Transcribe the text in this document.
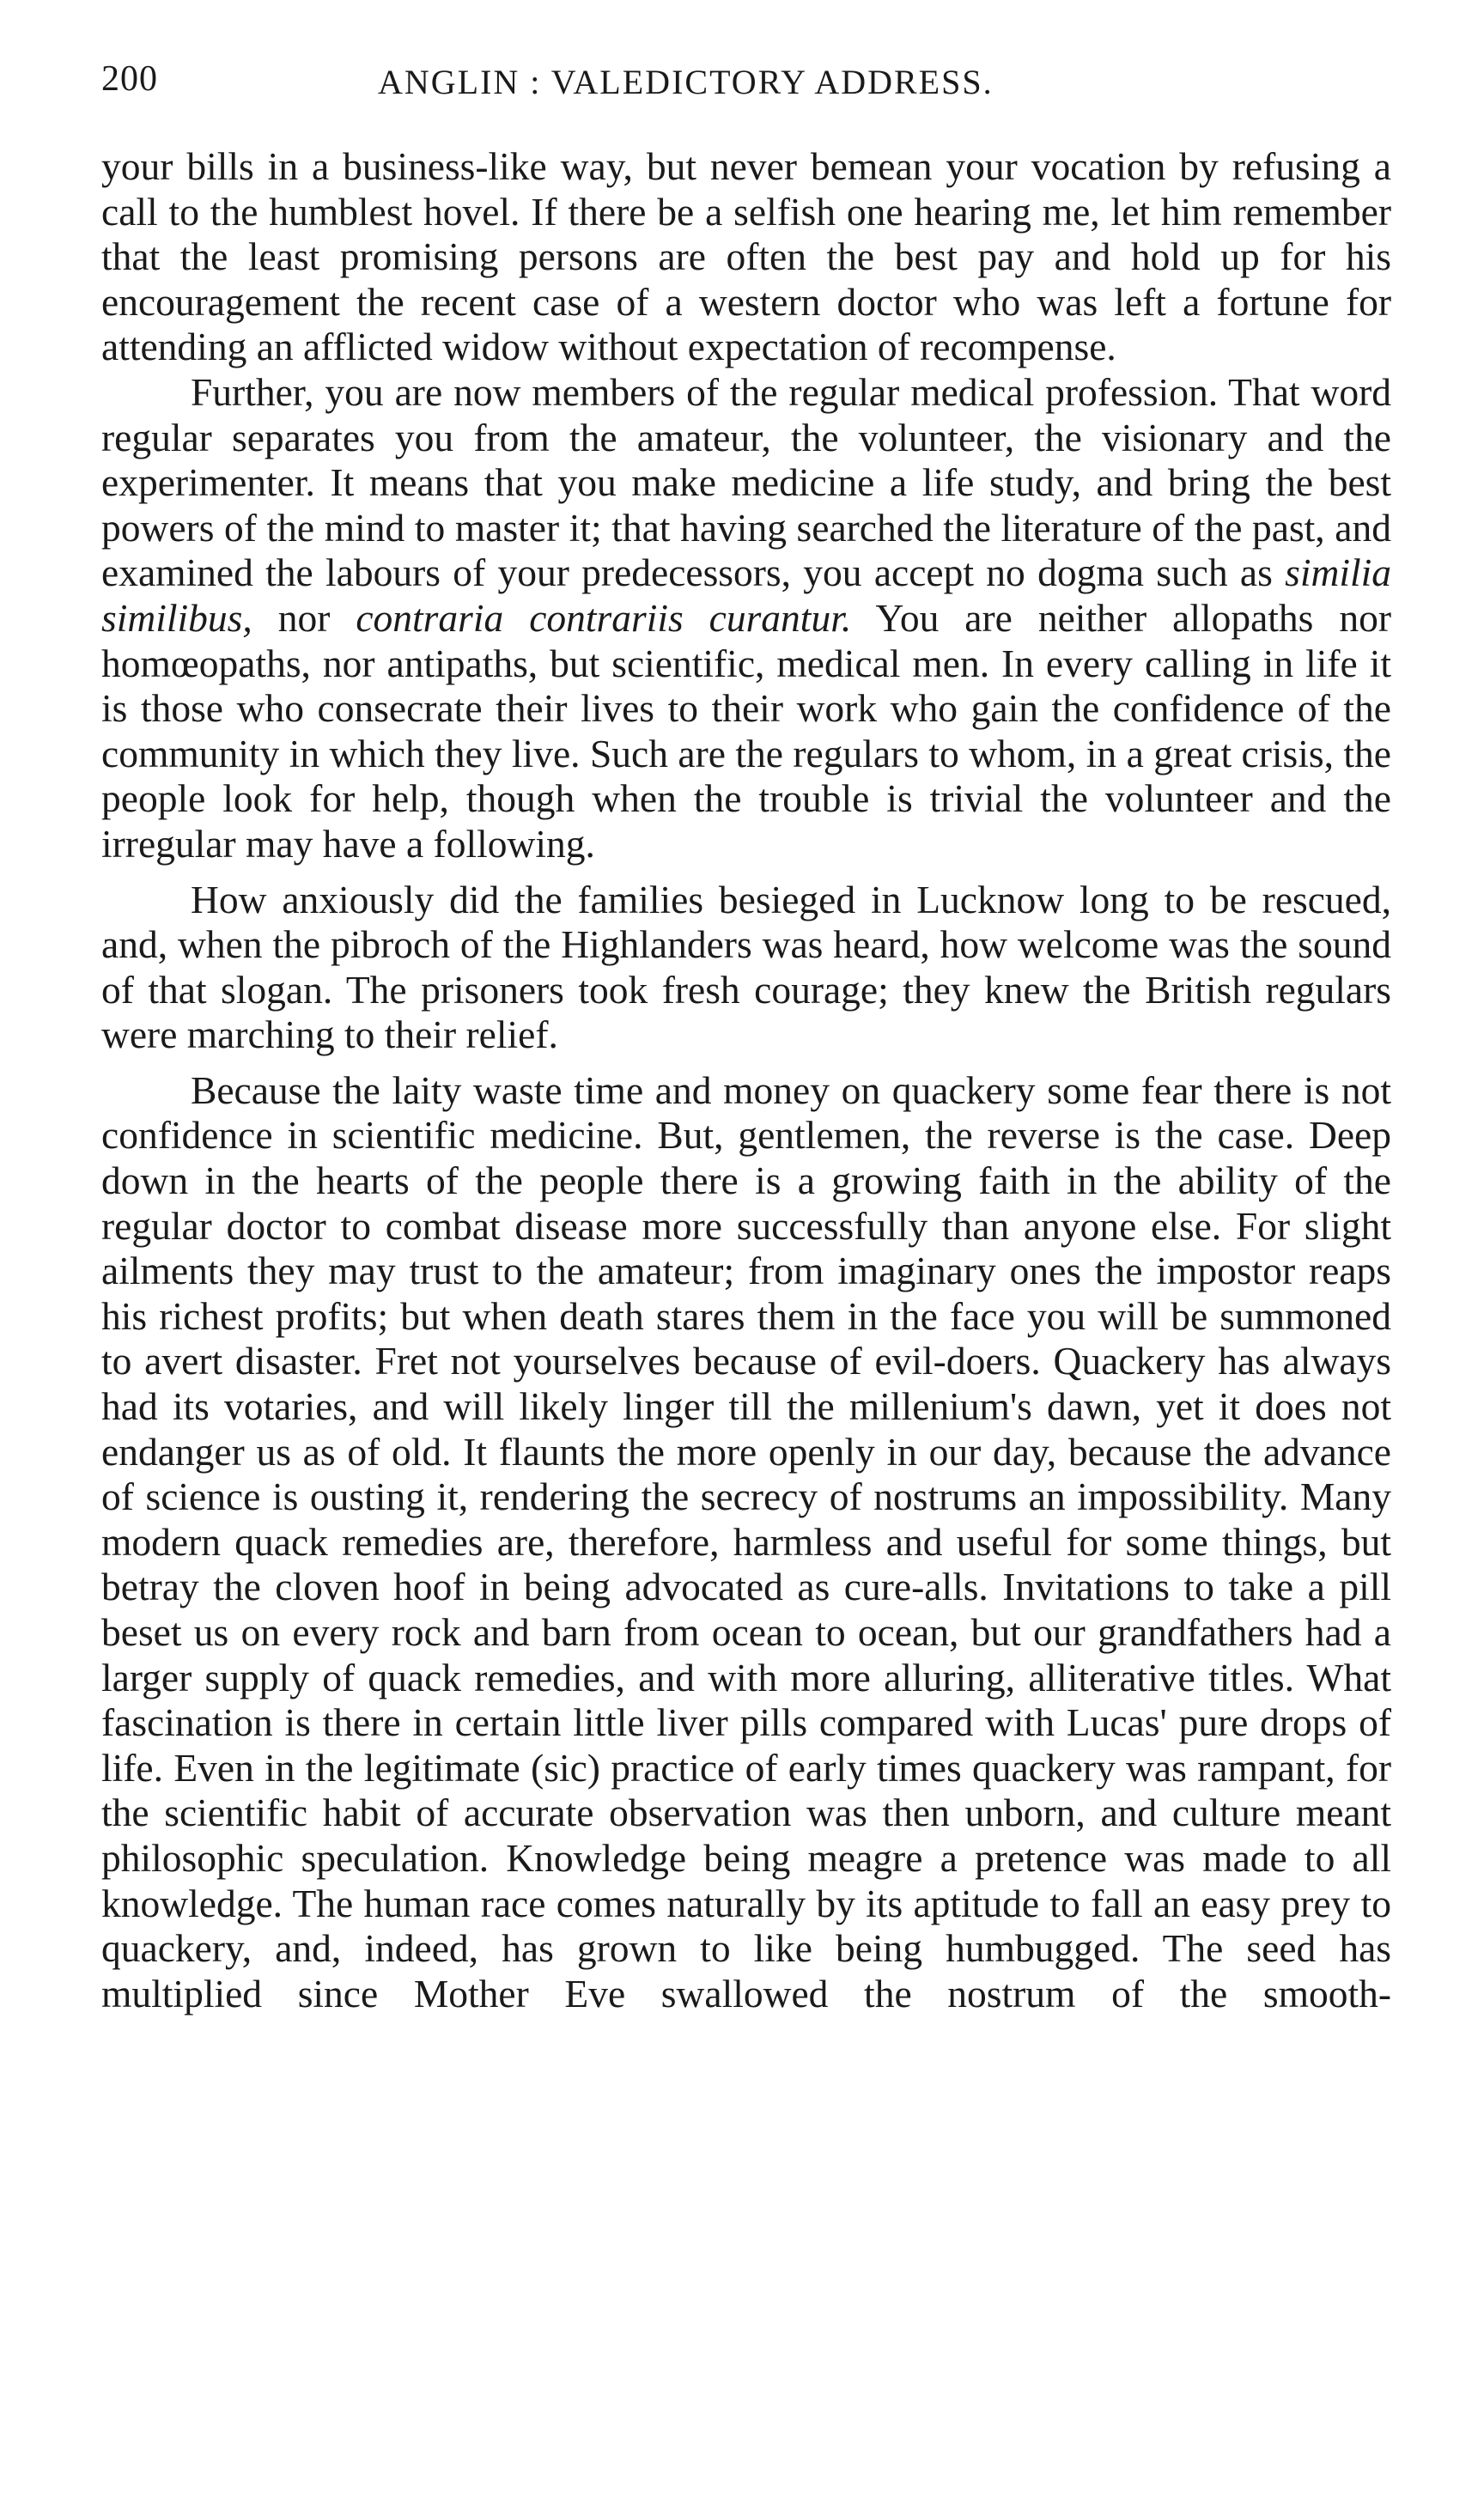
200	ANGLIN : VALEDICTORY ADDRESS.

your bills in a business-like way, but never bemean your vocation by refusing a call to the humblest hovel. If there be a selfish one hearing me, let him remember that the least promising persons are often the best pay and hold up for his encouragement the recent case of a western doctor who was left a fortune for attending an afflicted widow without expectation of recompense.

Further, you are now members of the regular medical profession. That word regular separates you from the amateur, the volunteer, the visionary and the experimenter. It means that you make medicine a life study, and bring the best powers of the mind to master it; that having searched the literature of the past, and examined the labours of your predecessors, you accept no dogma such as similia similibus, nor contraria contrariis curantur. You are neither allopaths nor homœopaths, nor antipaths, but scientific, medical men. In every calling in life it is those who consecrate their lives to their work who gain the confidence of the community in which they live. Such are the regulars to whom, in a great crisis, the people look for help, though when the trouble is trivial the volunteer and the irregular may have a following.

How anxiously did the families besieged in Lucknow long to be rescued, and, when the pibroch of the Highlanders was heard, how welcome was the sound of that slogan. The prisoners took fresh courage; they knew the British regulars were marching to their relief.

Because the laity waste time and money on quackery some fear there is not confidence in scientific medicine. But, gentlemen, the reverse is the case. Deep down in the hearts of the people there is a growing faith in the ability of the regular doctor to combat disease more successfully than anyone else. For slight ailments they may trust to the amateur; from imaginary ones the impostor reaps his richest profits; but when death stares them in the face you will be summoned to avert disaster. Fret not yourselves because of evil-doers. Quackery has always had its votaries, and will likely linger till the millenium's dawn, yet it does not endanger us as of old. It flaunts the more openly in our day, because the advance of science is ousting it, rendering the secrecy of nostrums an impossibility. Many modern quack remedies are, therefore, harmless and useful for some things, but betray the cloven hoof in being advocated as cure-alls. Invitations to take a pill beset us on every rock and barn from ocean to ocean, but our grandfathers had a larger supply of quack remedies, and with more alluring, alliterative titles. What fascination is there in certain little liver pills compared with Lucas' pure drops of life. Even in the legitimate (sic) practice of early times quackery was rampant, for the scientific habit of accurate observation was then unborn, and culture meant philosophic speculation. Knowledge being meagre a pretence was made to all knowledge. The human race comes naturally by its aptitude to fall an easy prey to quackery, and, indeed, has grown to like being humbugged. The seed has multiplied since Mother Eve swallowed the nostrum of the smooth-
